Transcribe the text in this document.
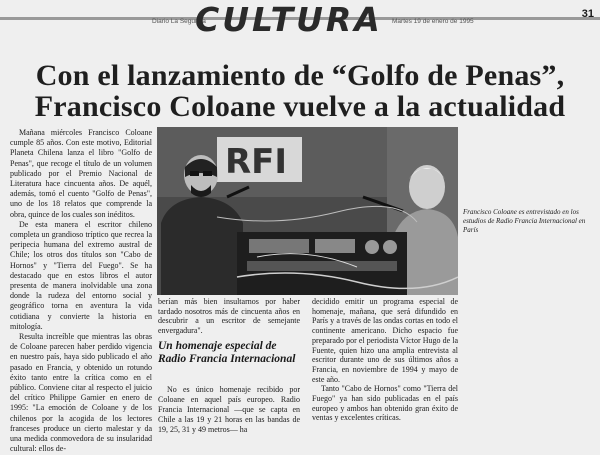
Diario La Segunda
CULTURA Martes 19 de enero de 1995
31
Con el lanzamiento de “Golfo de Penas”,
Francisco Coloane vuelve a la actualidad

Mañana miércoles Francisco Coloane cumple 85 años. Con este motivo, Editorial Planeta Chilena lanza el libro "Golfo de Penas", que recoge el título de un volumen publicado por el Premio Nacional de Literatura hace cincuenta años. De aquél, además, tomó el cuento "Golfo de Penas", uno de los 18 relatos que comprende la obra, quince de los cuales son inéditos.

De esta manera el escritor chileno completa un grandioso tríptico que recrea la peripecia humana del extremo austral de Chile; los otros dos títulos son "Cabo de Hornos" y "Tierra del Fuego". Se ha destacado que en estos libros el autor presenta de manera inolvidable una zona donde la rudeza del entorno social y geográfico torna en aventura la vida cotidiana y convierte la historia en mitología.

Resulta increíble que mientras las obras de Coloane parecen haber perdido vigencia en nuestro país, haya sido publicado el año pasado en Francia, y obtenido un rotundo éxito tanto entre la crítica como en el público. Conviene citar al respecto el juicio del crítico Philippe Garnier en enero de 1995: "La emoción de Coloane y de los chilenos por la acogida de los lectores franceses produce un cierto malestar y da una medida conmovedora de su insularidad cultural: ellos de-

RFI
Francisco Coloane es entrevistado en los estudios de Radio Francia Internacional en París

berían más bien insultarnos por haber tardado nosotros más de cincuenta años en descubrir a un escritor de semejante envergadura".

Un homenaje especial de Radio Francia Internacional

No es único homenaje recibido por Coloane en aquel país europeo. Radio Francia Internacional —que se capta en Chile a las 19 y 21 horas en las bandas de 19, 25, 31 y 49 metros— ha

decidido emitir un programa especial de homenaje, mañana, que será difundido en París y a través de las ondas cortas en todo el continente americano. Dicho espacio fue preparado por el periodista Víctor Hugo de la Fuente, quien hizo una amplia entrevista al escritor durante uno de sus últimos años a Francia, en noviembre de 1994 y mayo de este año.

Tanto "Cabo de Hornos" como "Tierra del Fuego" ya han sido publicadas en el país europeo y ambos han obtenido gran éxito de ventas y excelentes críticas.
